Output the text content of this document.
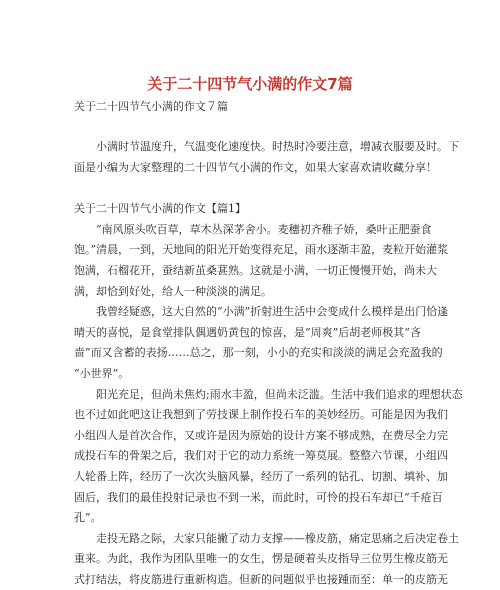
关于二十四节气小满的作文7篇
关于二十四节气小满的作文７篇

小满时节温度升，气温变化速度快。时热时冷要注意，增减衣服要及时。下
面是小编为大家整理的二十四节气小满的作文，如果大家喜欢请收藏分享！

关于二十四节气小满的作文【篇1】

“南风原头吹百草，草木丛深茅舍小。麦穗初齐稚子娇，桑叶正肥蚕食
饱。”清晨，一到，天地间的阳光开始变得充足，雨水逐渐丰盈，麦粒开始灌浆
饱满，石榴花开，蚕结新茧桑葚熟。这就是小满，一切正慢慢开始，尚未大
满，却恰到好处，给人一种淡淡的满足。

我曾经疑惑，这大自然的“小满”折射进生活中会变成什么模样是出门恰逢
晴天的喜悦，是食堂排队偶遇奶黄包的惊喜，是“周爽”后胡老师极其“吝
啬”而又含蓄的表扬……总之，那一刻，小小的充实和淡淡的满足会充盈我的
“小世界”。

阳光充足，但尚未焦灼;雨水丰盈，但尚未泛滥。生活中我们追求的理想状态
也不过如此吧这让我想到了劳技课上制作投石车的美妙经历。可能是因为我们
小组四人是首次合作，又或许是因为原始的设计方案不够成熟，在费尽全力完
成投石车的骨架之后，我们对于它的动力系统一筹莫展。整整六节课，小组四
人轮番上阵，经历了一次次头脑风暴，经历了一系列的钻孔、切割、填补、加
固后，我们的最佳投射记录也不到一米，而此时，可怜的投石车却已“千疮百
孔”。

走投无路之际，大家只能撇了动力支撑——橡皮筋，痛定思痛之后决定卷土
重来。为此，我作为团队里唯一的女生，愣是硬着头皮指导三位男生橡皮筋无
式打结法，将皮筋进行重新构造。但新的问题似乎也接踵而至：单一的皮筋无
